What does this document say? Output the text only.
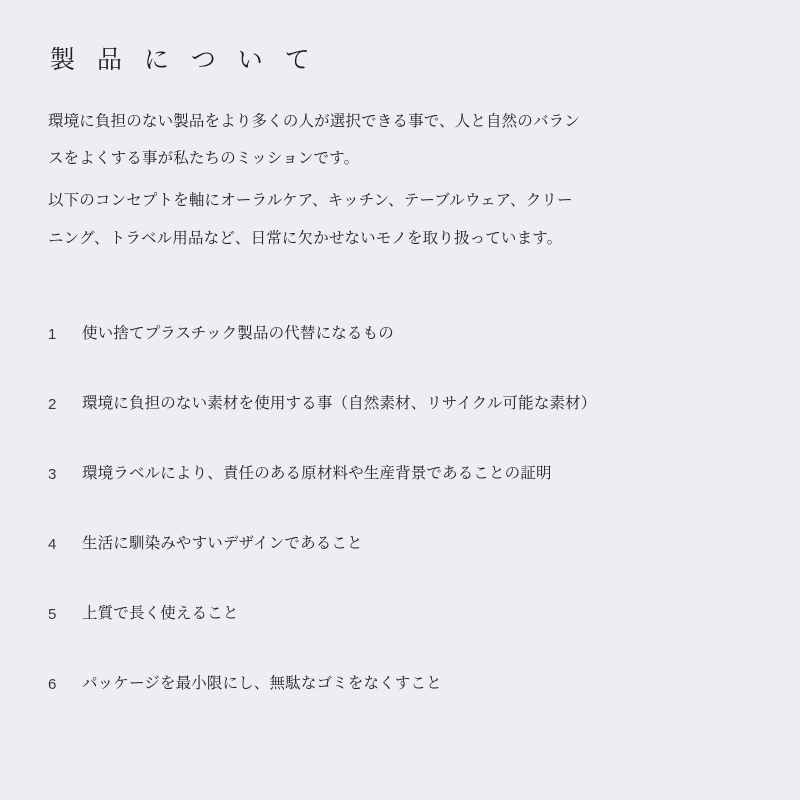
製 品 に つ い て

環境に負担のない製品をより多くの人が選択できる事で、人と自然のバラン
スをよくする事が私たちのミッションです。

以下のコンセプトを軸にオーラルケア、キッチン、テーブルウェア、クリー
ニング、トラベル用品など、日常に欠かせないモノを取り扱っています。

1	使い捨てプラスチック製品の代替になるもの
2	環境に負担のない素材を使用する事（自然素材、リサイクル可能な素材）
3	環境ラベルにより、責任のある原材料や生産背景であることの証明
4	生活に馴染みやすいデザインであること
5	上質で長く使えること
6	パッケージを最小限にし、無駄なゴミをなくすこと
